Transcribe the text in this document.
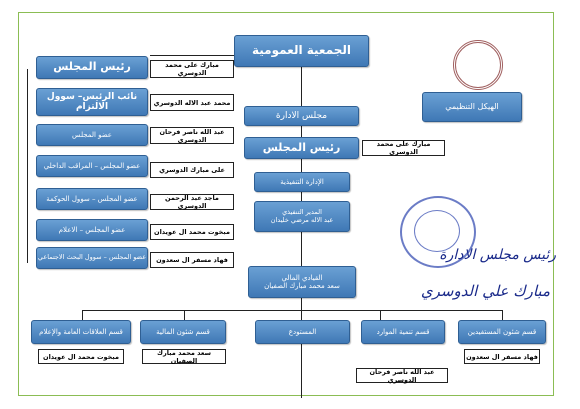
الجمعية العمومية
رئيس المجلس	مبارك على محمد الدوسري
نائب الرئيس– سوول الالتزام	محمد عبد الاله الدوسري
عضو المجلس	عبد الله ناصر فرحان الدوسري
عضو المجلس – المراقب الداخلي
على مبارك الدوسري
عضو المجلس – سوول الحوكمة	ماجد عبد الرحمن الدوسري
عضو المجلس – الاعلام	مبخوت محمد ال عويدان
عضو المجلس – سوول البحث الاجتماعي	فهاد مسفر ال سعدون
مجلس الادارة
رئيس المجلس	مبارك على محمد الدوسري
الإدارة التنفيذية
المدير التنفيذي
عبد الاله مرضي خليدان
القيادي المالي
سعد محمد مبارك الصفيان
الهيكل التنظيمي
قسم العلاقات العامة والإعلام
مبخوت محمد ال عويدان
قسم شئون المالية
سعد محمد مبارك الصفيان
المستودع	قسم تنمية الموارد
عبد الله ناصر فرحان الدوسري
قسم شئون المستفيدين
فهاد مسفر ال سعدون
رئيس مجلس الادارة
مبارك علي الدوسري
